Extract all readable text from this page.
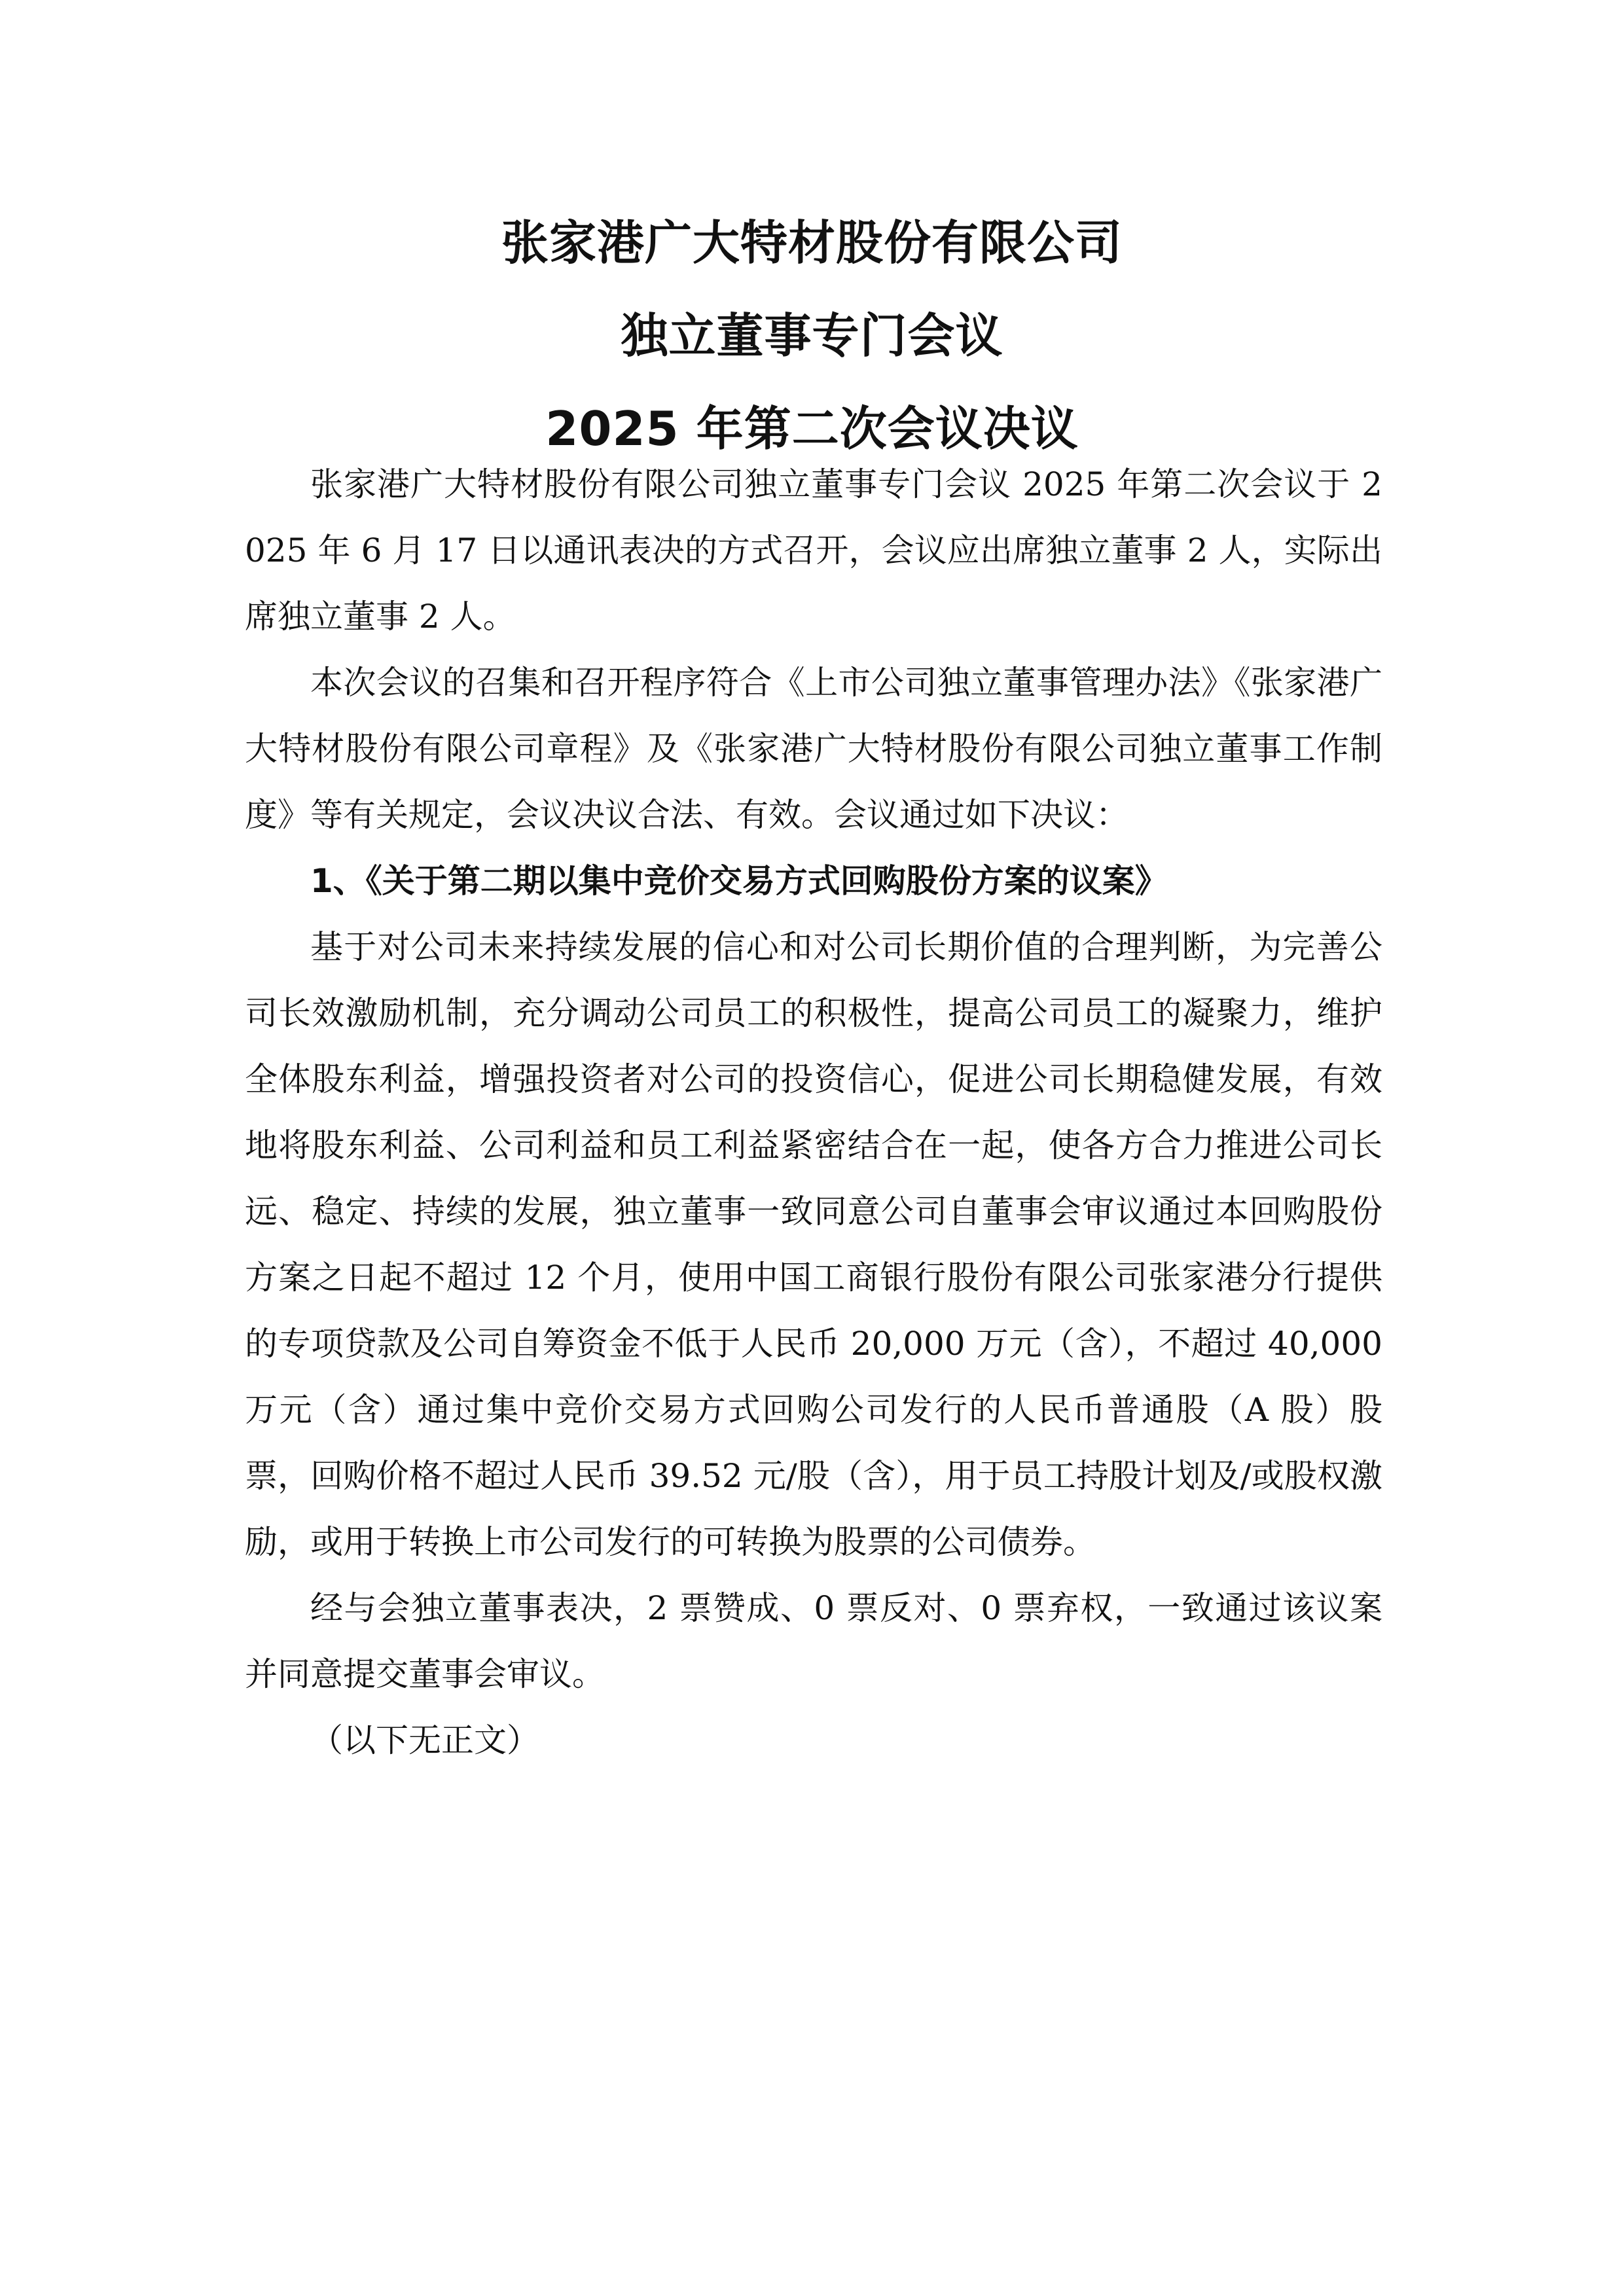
张家港广大特材股份有限公司
独立董事专门会议
2025 年第二次会议决议

张家港广大特材股份有限公司独立董事专门会议 2025 年第二次会议于 2025 年 6 月 17 日以通讯表决的方式召开，会议应出席独立董事 2 人，实际出席独立董事 2 人。

本次会议的召集和召开程序符合《上市公司独立董事管理办法》《张家港广大特材股份有限公司章程》及《张家港广大特材股份有限公司独立董事工作制度》等有关规定，会议决议合法、有效。会议通过如下决议：

1、《关于第二期以集中竞价交易方式回购股份方案的议案》

基于对公司未来持续发展的信心和对公司长期价值的合理判断，为完善公司长效激励机制，充分调动公司员工的积极性，提高公司员工的凝聚力，维护全体股东利益，增强投资者对公司的投资信心，促进公司长期稳健发展，有效地将股东利益、公司利益和员工利益紧密结合在一起，使各方合力推进公司长远、稳定、持续的发展，独立董事一致同意公司自董事会审议通过本回购股份方案之日起不超过 12 个月，使用中国工商银行股份有限公司张家港分行提供的专项贷款及公司自筹资金不低于人民币 20,000 万元（含），不超过 40,000 万元（含）通过集中竞价交易方式回购公司发行的人民币普通股（A 股）股票，回购价格不超过人民币 39.52 元/股（含），用于员工持股计划及/或股权激励，或用于转换上市公司发行的可转换为股票的公司债券。

经与会独立董事表决，2 票赞成、0 票反对、0 票弃权，一致通过该议案并同意提交董事会审议。

（以下无正文）
